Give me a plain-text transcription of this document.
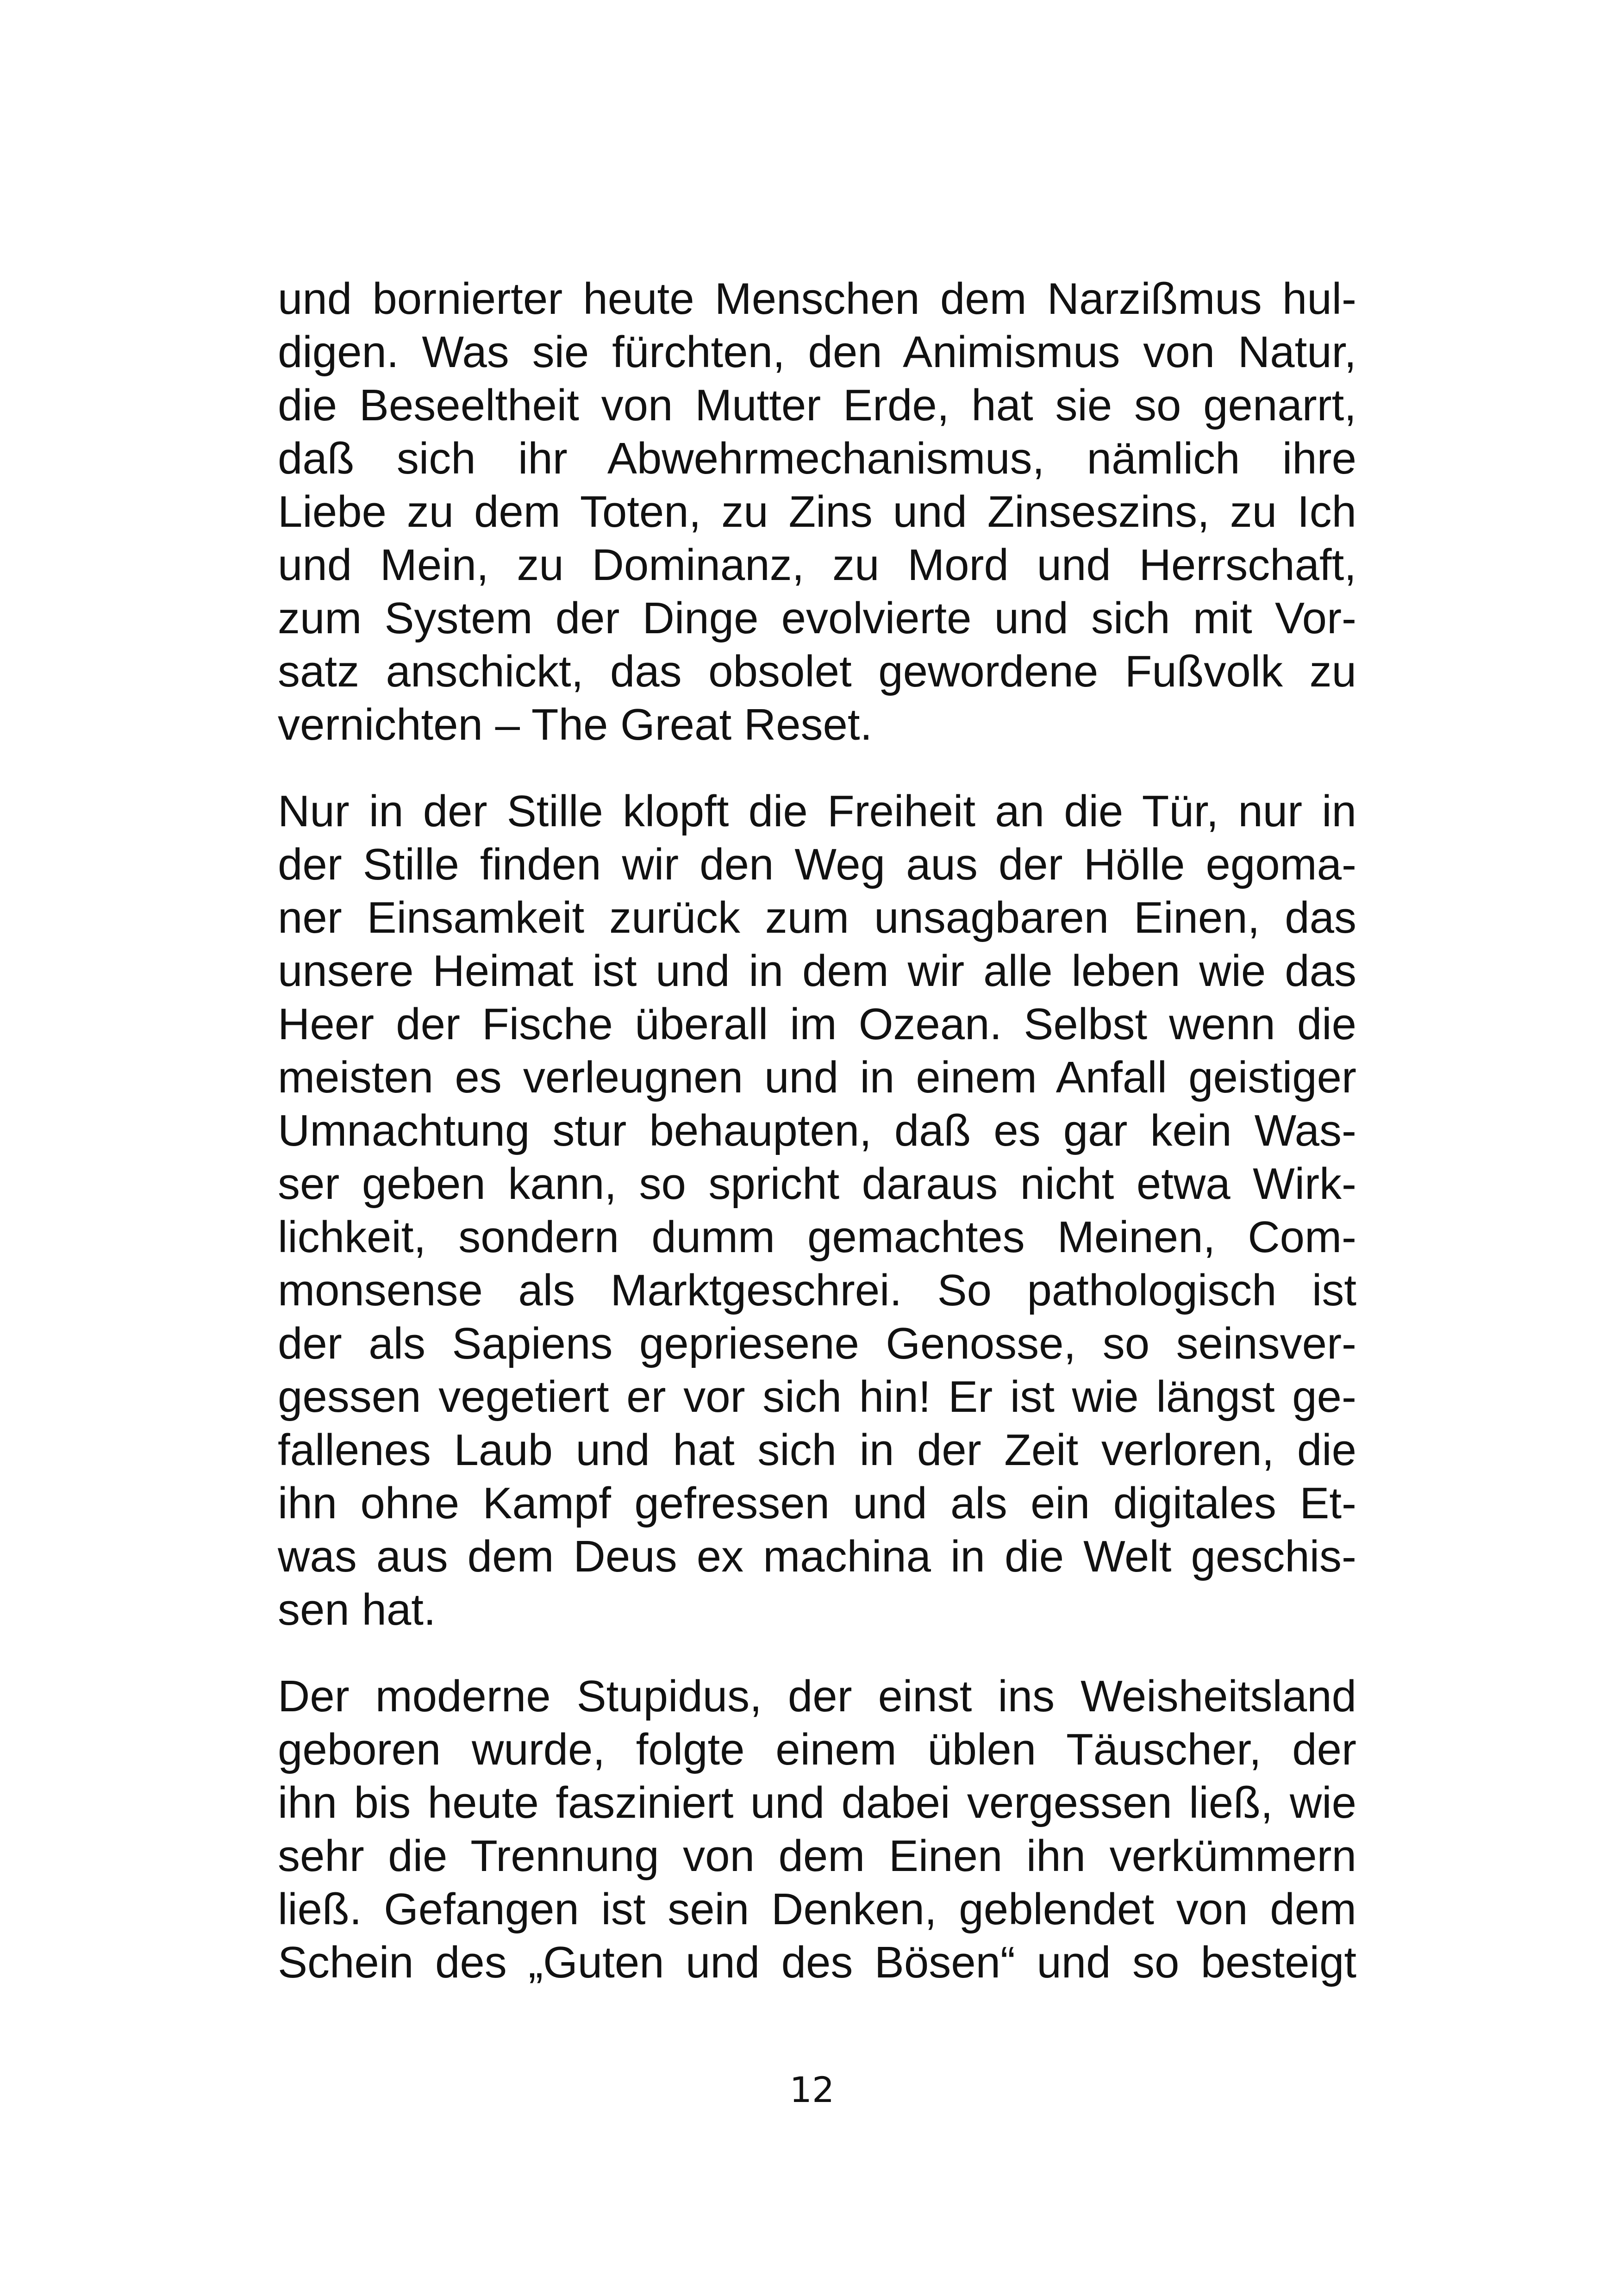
und bornierter heute Menschen dem Narzißmus hul-
digen. Was sie fürchten, den Animismus von Natur,
die Beseeltheit von Mutter Erde, hat sie so genarrt,
daß sich ihr Abwehrmechanismus, nämlich ihre
Liebe zu dem Toten, zu Zins und Zinseszins, zu Ich
und Mein, zu Dominanz, zu Mord und Herrschaft,
zum System der Dinge evolvierte und sich mit Vor-
satz anschickt, das obsolet gewordene Fußvolk zu
vernichten – The Great Reset.

Nur in der Stille klopft die Freiheit an die Tür, nur in
der Stille finden wir den Weg aus der Hölle egoma-
ner Einsamkeit zurück zum unsagbaren Einen, das
unsere Heimat ist und in dem wir alle leben wie das
Heer der Fische überall im Ozean. Selbst wenn die
meisten es verleugnen und in einem Anfall geistiger
Umnachtung stur behaupten, daß es gar kein Was-
ser geben kann, so spricht daraus nicht etwa Wirk-
lichkeit, sondern dumm gemachtes Meinen, Com-
monsense als Marktgeschrei. So pathologisch ist
der als Sapiens gepriesene Genosse, so seinsver-
gessen vegetiert er vor sich hin! Er ist wie längst ge-
fallenes Laub und hat sich in der Zeit verloren, die
ihn ohne Kampf gefressen und als ein digitales Et-
was aus dem Deus ex machina in die Welt geschis-
sen hat.

Der moderne Stupidus, der einst ins Weisheitsland
geboren wurde, folgte einem üblen Täuscher, der
ihn bis heute fasziniert und dabei vergessen ließ, wie
sehr die Trennung von dem Einen ihn verkümmern
ließ. Gefangen ist sein Denken, geblendet von dem
Schein des „Guten und des Bösen“ und so besteigt

12
